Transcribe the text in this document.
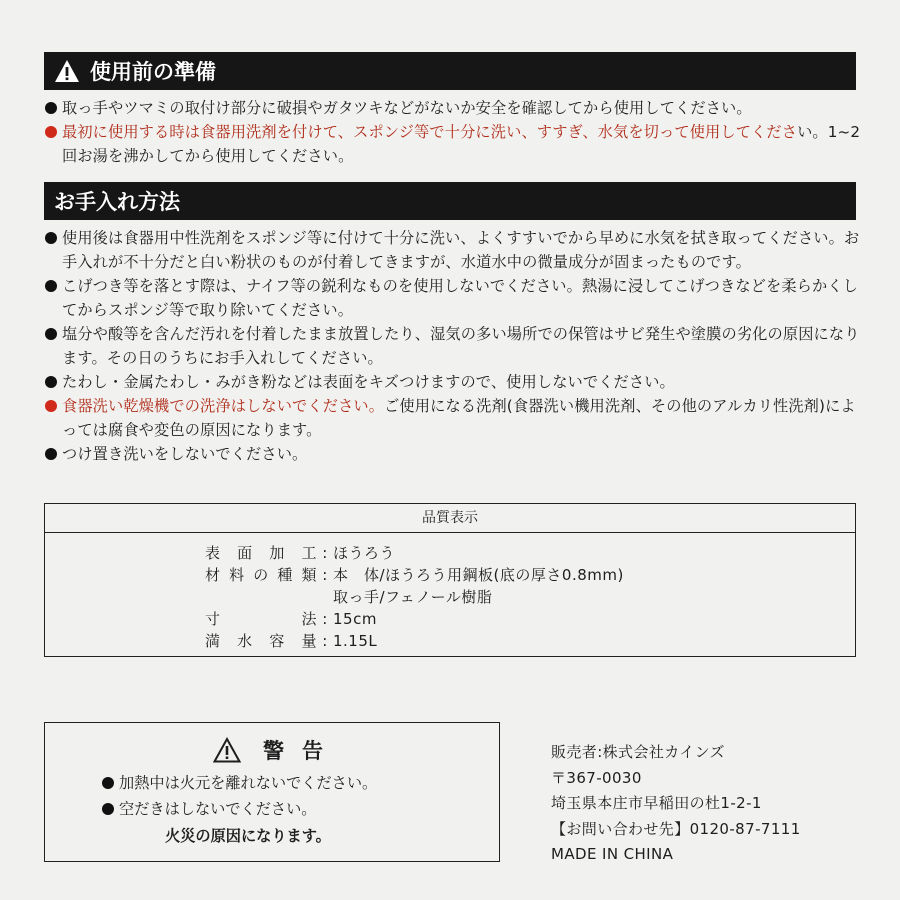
使用前の準備
取っ手やツマミの取付け部分に破損やガタツキなどがないか安全を確認してから使用してください。
最初に使用する時は食器用洗剤を付けて、スポンジ等で十分に洗い、すすぎ、水気を切って使用してください。1~2回お湯を沸かしてから使用してください。
お手入れ方法
使用後は食器用中性洗剤をスポンジ等に付けて十分に洗い、よくすすいでから早めに水気を拭き取ってください。お手入れが不十分だと白い粉状のものが付着してきますが、水道水中の微量成分が固まったものです。
こげつき等を落とす際は、ナイフ等の鋭利なものを使用しないでください。熱湯に浸してこげつきなどを柔らかくしてからスポンジ等で取り除いてください。
塩分や酸等を含んだ汚れを付着したまま放置したり、湿気の多い場所での保管はサビ発生や塗膜の劣化の原因になります。その日のうちにお手入れしてください。
たわし・金属たわし・みがき粉などは表面をキズつけますので、使用しないでください。
食器洗い乾燥機での洗浄はしないでください。ご使用になる洗剤(食器洗い機用洗剤、その他のアルカリ性洗剤)によっては腐食や変色の原因になります。
つけ置き洗いをしないでください。
品質表示
表面加工 : ほうろう
材料の種類 : 本　体/ほうろう用鋼板(底の厚さ0.8mm)
取っ手/フェノール樹脂
寸法 : 15cm
満水容量 : 1.15L
警告
加熱中は火元を離れないでください。
空だきはしないでください。
火災の原因になります。
販売者:株式会社カインズ
〒367-0030
埼玉県本庄市早稲田の杜1-2-1
【お問い合わせ先】0120-87-7111
MADE IN CHINA
